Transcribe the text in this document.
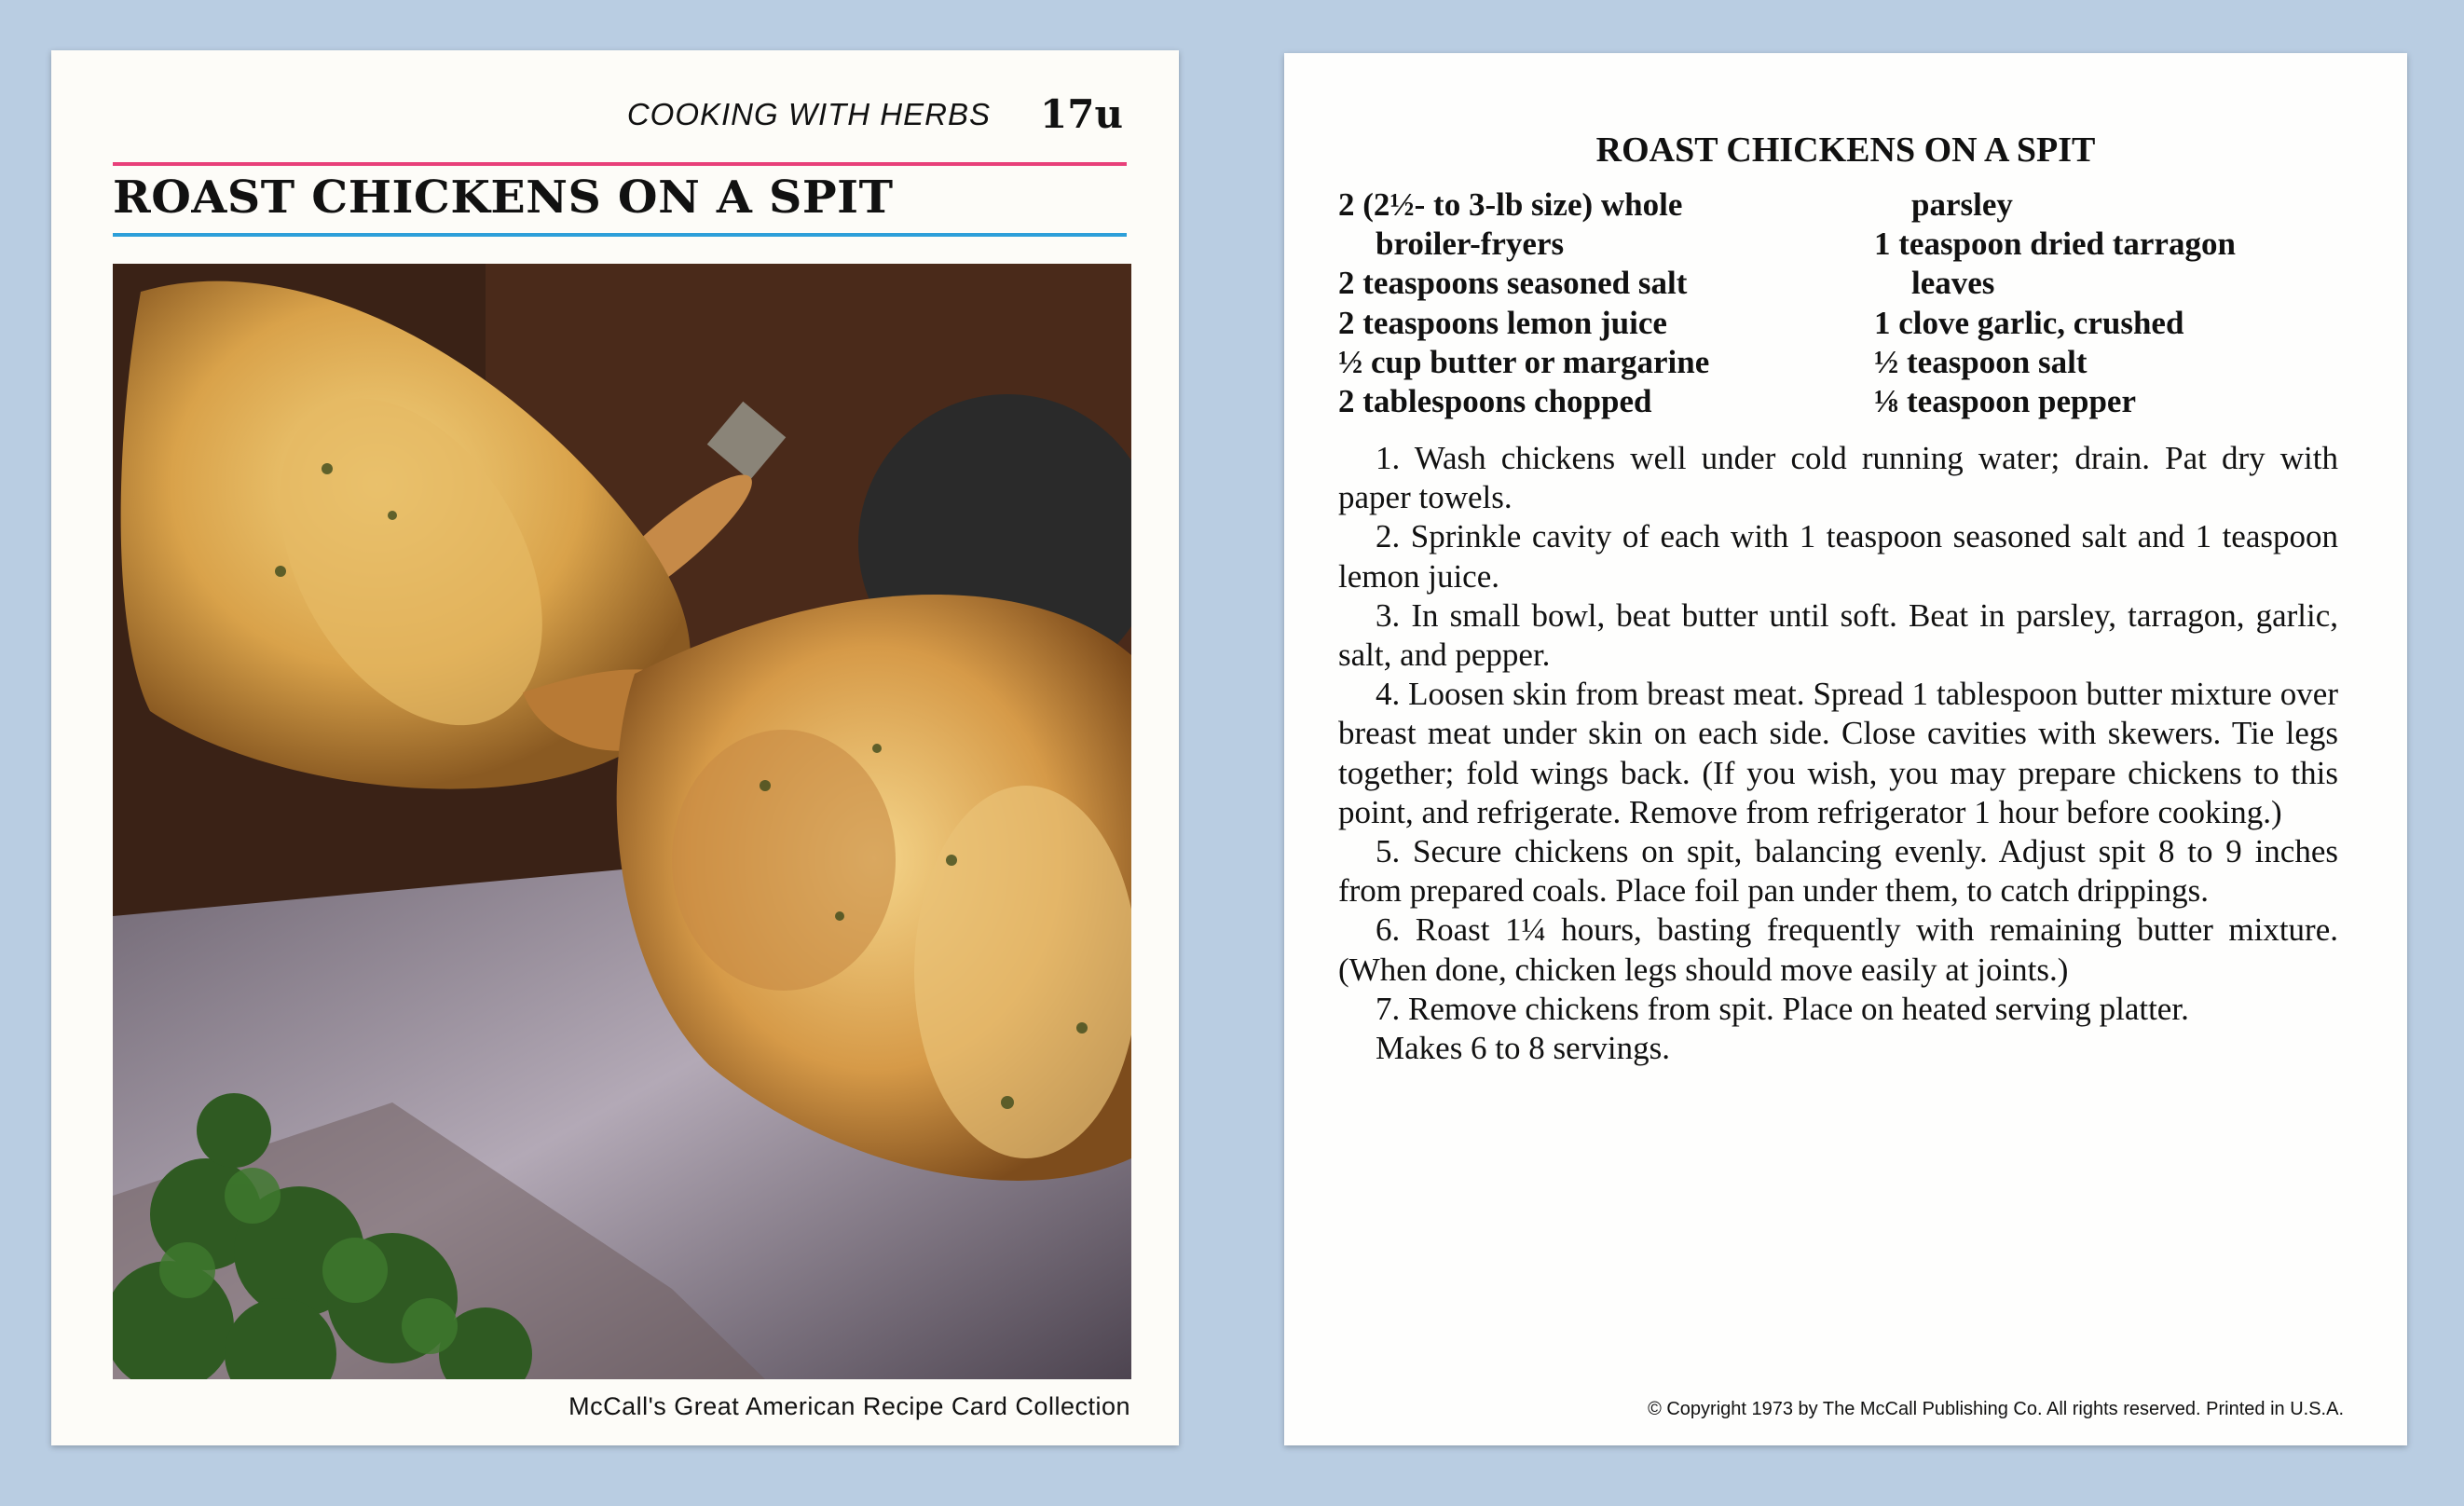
COOKING WITH HERBS 17u
ROAST CHICKENS ON A SPIT
McCall's Great American Recipe Card Collection
ROAST CHICKENS ON A SPIT
2 (2½- to 3-lb size) whole
broiler-fryers
2 teaspoons seasoned salt
2 teaspoons lemon juice
½ cup butter or margarine
2 tablespoons chopped
parsley
1 teaspoon dried tarragon
leaves
1 clove garlic, crushed
½ teaspoon salt
⅛ teaspoon pepper

1. Wash chickens well under cold running water; drain. Pat dry with paper towels.

2. Sprinkle cavity of each with 1 teaspoon seasoned salt and 1 teaspoon lemon juice.

3. In small bowl, beat butter until soft. Beat in parsley, tarragon, garlic, salt, and pepper.

4. Loosen skin from breast meat. Spread 1 tablespoon butter mixture over breast meat under skin on each side. Close cavities with skewers. Tie legs together; fold wings back. (If you wish, you may prepare chickens to this point, and refrigerate. Remove from refrigerator 1 hour before cooking.)

5. Secure chickens on spit, balancing evenly. Adjust spit 8 to 9 inches from prepared coals. Place foil pan under them, to catch drippings.

6. Roast 1¼ hours, basting frequently with remaining butter mixture. (When done, chicken legs should move easily at joints.)

7. Remove chickens from spit. Place on heated serving platter.

Makes 6 to 8 servings.

© Copyright 1973 by The McCall Publishing Co. All rights reserved. Printed in U.S.A.
